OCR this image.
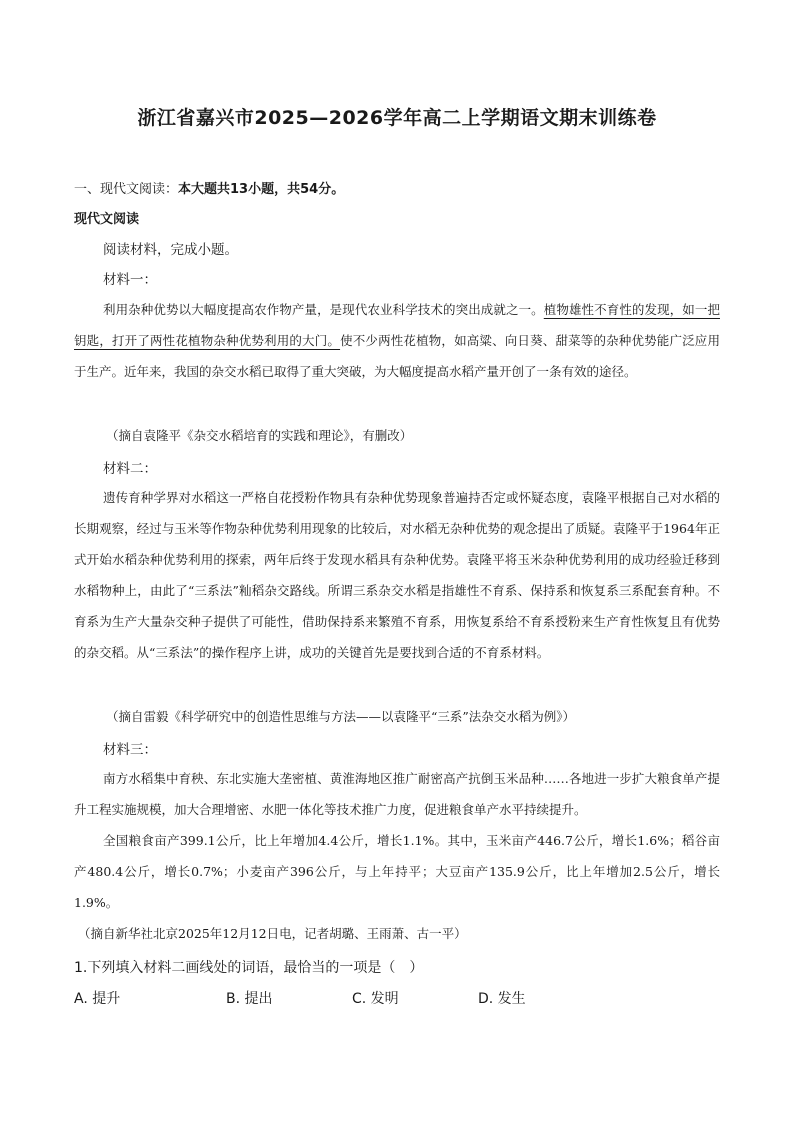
浙江省嘉兴市2025—2026学年高二上学期语文期末训练卷
一、现代文阅读：本大题共13小题，共54分。
现代文阅读
阅读材料，完成小题。
材料一：
利用杂种优势以大幅度提高农作物产量，是现代农业科学技术的突出成就之一。植物雄性不育性的发现，如一把钥匙，打开了两性花植物杂种优势利用的大门。使不少两性花植物，如高粱、向日葵、甜菜等的杂种优势能广泛应用于生产。近年来，我国的杂交水稻已取得了重大突破，为大幅度提高水稻产量开创了一条有效的途径。
（摘自袁隆平《杂交水稻培育的实践和理论》，有删改）
材料二：
遗传育种学界对水稻这一严格自花授粉作物具有杂种优势现象普遍持否定或怀疑态度，袁隆平根据自己对水稻的长期观察，经过与玉米等作物杂种优势利用现象的比较后，对水稻无杂种优势的观念提出了质疑。袁隆平于1964年正式开始水稻杂种优势利用的探索，两年后终于发现水稻具有杂种优势。袁隆平将玉米杂种优势利用的成功经验迁移到水稻物种上，由此了“三系法”籼稻杂交路线。所谓三系杂交水稻是指雄性不育系、保持系和恢复系三系配套育种。不育系为生产大量杂交种子提供了可能性，借助保持系来繁殖不育系，用恢复系给不育系授粉来生产育性恢复且有优势的杂交稻。从“三系法”的操作程序上讲，成功的关键首先是要找到合适的不育系材料。
（摘自雷毅《科学研究中的创造性思维与方法——以袁隆平“三系”法杂交水稻为例》）
材料三：
南方水稻集中育秧、东北实施大垄密植、黄淮海地区推广耐密高产抗倒玉米品种……各地进一步扩大粮食单产提升工程实施规模，加大合理增密、水肥一体化等技术推广力度，促进粮食单产水平持续提升。
全国粮食亩产399.1公斤，比上年增加4.4公斤，增长1.1%。其中，玉米亩产446.7公斤，增长1.6%；稻谷亩产480.4公斤，增长0.7%；小麦亩产396公斤，与上年持平；大豆亩产135.9公斤，比上年增加2.5公斤，增长1.9%。
（摘自新华社北京2025年12月12日电，记者胡璐、王雨萧、古一平）
1.下列填入材料二画线处的词语，最恰当的一项是（　）
A. 提升	B. 提出	C. 发明	D. 发生
